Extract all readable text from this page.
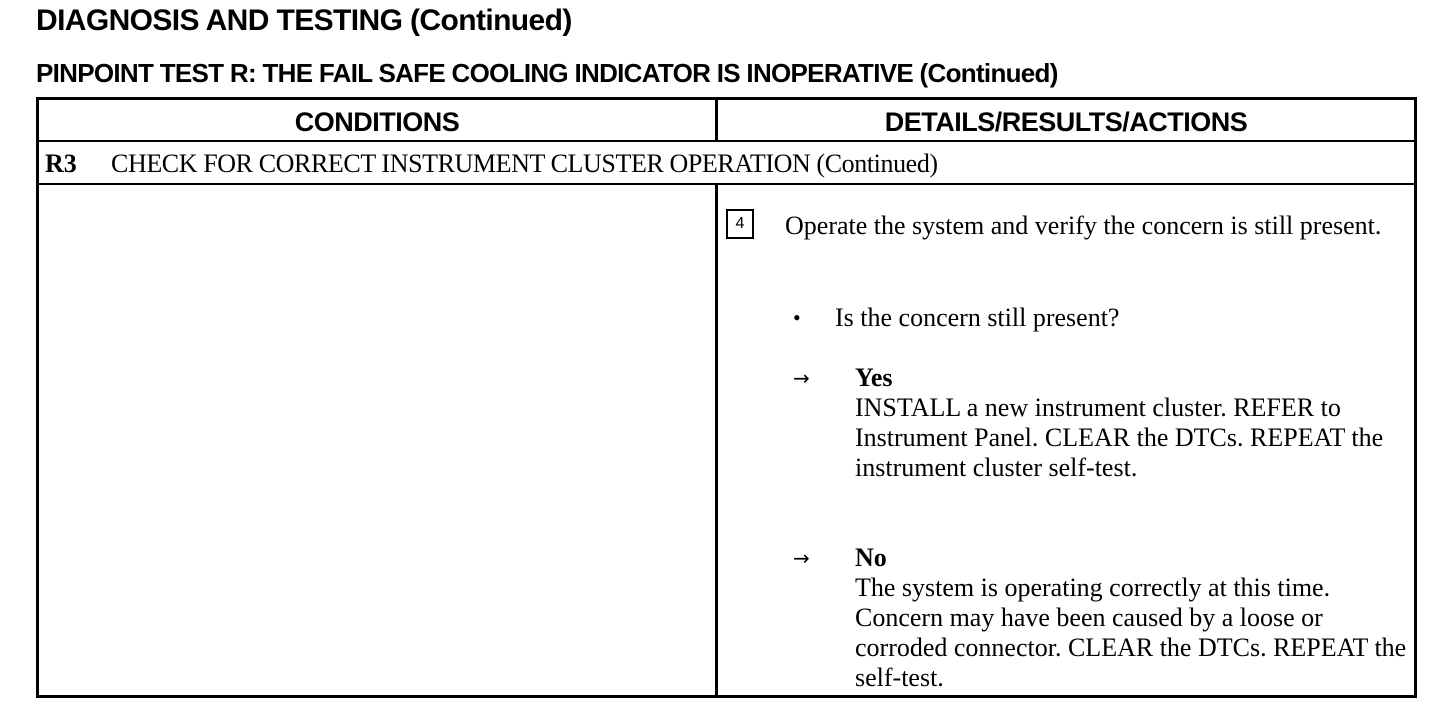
DIAGNOSIS AND TESTING (Continued)
PINPOINT TEST R: THE FAIL SAFE COOLING INDICATOR IS INOPERATIVE (Continued)
CONDITIONS	DETAILS/RESULTS/ACTIONS
R3 CHECK FOR CORRECT INSTRUMENT CLUSTER OPERATION (Continued)
4	Operate the system and verify the concern is still present.
• Is the concern still present?
→ Yes
INSTALL a new instrument cluster. REFER to Instrument Panel. CLEAR the DTCs. REPEAT the instrument cluster self-test.
→ No
The system is operating correctly at this time. Concern may have been caused by a loose or corroded connector. CLEAR the DTCs. REPEAT the self-test.
